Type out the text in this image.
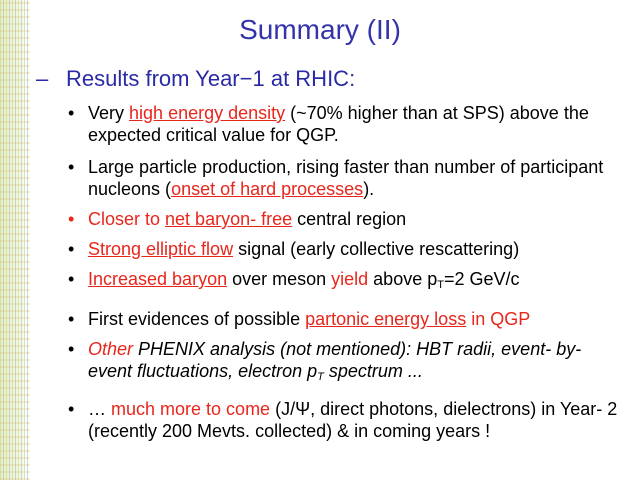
Summary (II)
– Results from Year−1 at RHIC:
• Very high energy density (~70% higher than at SPS) above the expected critical value for QGP.
• Large particle production, rising faster than number of participant nucleons (onset of hard processes).
• Closer to net baryon- free central region
• Strong elliptic flow signal (early collective rescattering)
• Increased baryon over meson yield above $p_T=2$ GeV/c
• First evidences of possible partonic energy loss in QGP
• Other PHENIX analysis (not mentioned): HBT radii, event- by- event fluctuations, electron $p_T$ spectrum ...
• … much more to come (J/Ψ, direct photons, dielectrons) in Year- 2 (recently 200 Mevts. collected) & in coming years !
